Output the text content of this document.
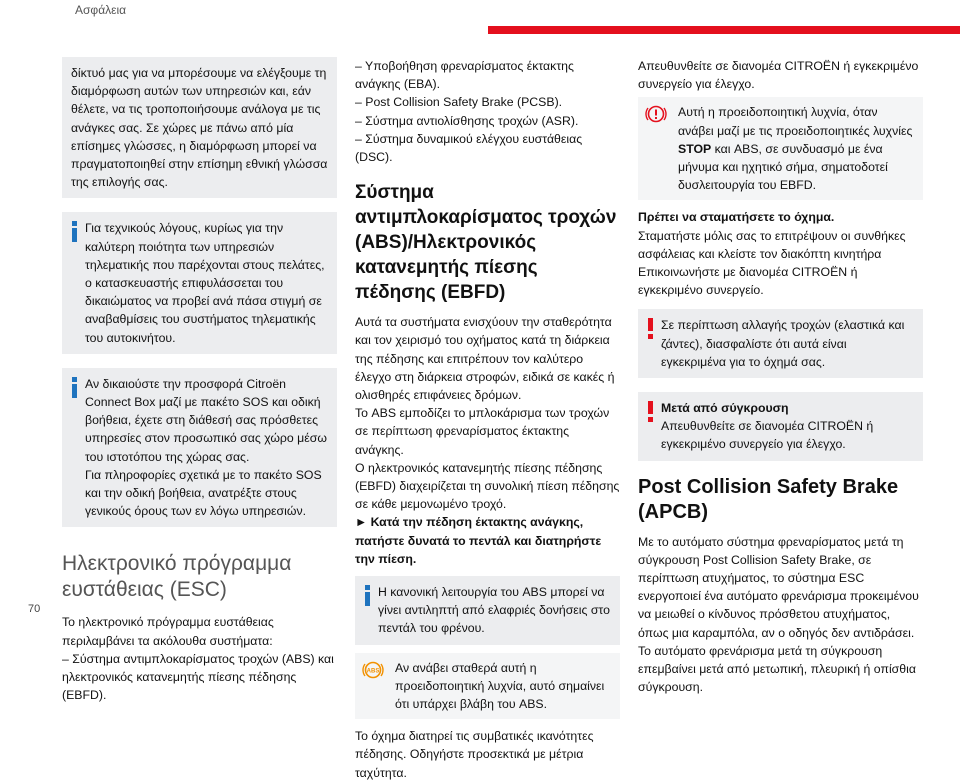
Ασφάλεια
70

δίκτυό μας για να μπορέσουμε να ελέγξουμε τη διαμόρφωση αυτών των υπηρεσιών και, εάν θέλετε, να τις τροποποιήσουμε ανάλογα με τις ανάγκες σας. Σε χώρες με πάνω από μία επίσημες γλώσσες, η διαμόρφωση μπορεί να πραγματοποιηθεί στην επίσημη εθνική γλώσσα της επιλογής σας.

Για τεχνικούς λόγους, κυρίως για την καλύτερη ποιότητα των υπηρεσιών τηλεματικής που παρέχονται στους πελάτες, ο κατασκευαστής επιφυλάσσεται του δικαιώματος να προβεί ανά πάσα στιγμή σε αναβαθμίσεις του συστήματος τηλεματικής του αυτοκινήτου.

Αν δικαιούστε την προσφορά Citroën Connect Box μαζί με πακέτο SOS και οδική βοήθεια, έχετε στη διάθεσή σας πρόσθετες υπηρεσίες στον προσωπικό σας χώρο μέσω του ιστοτόπου της χώρας σας.

Για πληροφορίες σχετικά με το πακέτο SOS και την οδική βοήθεια, ανατρέξτε στους γενικούς όρους των εν λόγω υπηρεσιών.

Ηλεκτρονικό πρόγραμμα ευστάθειας (ESC)

Το ηλεκτρονικό πρόγραμμα ευστάθειας περιλαμβάνει τα ακόλουθα συστήματα:

– Σύστημα αντιμπλοκαρίσματος τροχών (ABS) και ηλεκτρονικός κατανεμητής πίεσης πέδησης (EBFD).

– Υποβοήθηση φρεναρίσματος έκτακτης ανάγκης (EBA).

– Post Collision Safety Brake (PCSB).

– Σύστημα αντιολίσθησης τροχών (ASR).

– Σύστημα δυναμικού ελέγχου ευστάθειας (DSC).

Σύστημα αντιμπλοκαρίσματος τροχών (ABS)/Ηλεκτρονικός κατανεμητής πίεσης πέδησης (EBFD)

Αυτά τα συστήματα ενισχύουν την σταθερότητα και τον χειρισμό του οχήματος κατά τη διάρκεια της πέδησης και επιτρέπουν τον καλύτερο έλεγχο στη διάρκεια στροφών, ειδικά σε κακές ή ολισθηρές επιφάνειες δρόμων.

Το ABS εμποδίζει το μπλοκάρισμα των τροχών σε περίπτωση φρεναρίσματος έκτακτης ανάγκης.

Ο ηλεκτρονικός κατανεμητής πίεσης πέδησης (EBFD) διαχειρίζεται τη συνολική πίεση πέδησης σε κάθε μεμονωμένο τροχό.

► Κατά την πέδηση έκτακτης ανάγκης, πατήστε δυνατά το πεντάλ και διατηρήστε την πίεση.

Η κανονική λειτουργία του ABS μπορεί να γίνει αντιληπτή από ελαφριές δονήσεις στο πεντάλ του φρένου.

ABS Αν ανάβει σταθερά αυτή η προειδοποιητική λυχνία, αυτό σημαίνει ότι υπάρχει βλάβη του ABS.

Το όχημα διατηρεί τις συμβατικές ικανότητες πέδησης. Οδηγήστε προσεκτικά με μέτρια ταχύτητα.

Απευθυνθείτε σε διανομέα CITROËN ή εγκεκριμένο συνεργείο για έλεγχο.

Αυτή η προειδοποιητική λυχνία, όταν ανάβει μαζί με τις προειδοποιητικές λυχνίες STOP και ABS, σε συνδυασμό με ένα μήνυμα και ηχητικό σήμα, σηματοδοτεί δυσλειτουργία του EBFD.

Πρέπει να σταματήσετε το όχημα.

Σταματήστε μόλις σας το επιτρέψουν οι συνθήκες ασφάλειας και κλείστε τον διακόπτη κινητήρα Επικοινωνήστε με διανομέα CITROËN ή εγκεκριμένο συνεργείο.

Σε περίπτωση αλλαγής τροχών (ελαστικά και ζάντες), διασφαλίστε ότι αυτά είναι εγκεκριμένα για το όχημά σας.

Μετά από σύγκρουση

Απευθυνθείτε σε διανομέα CITROËN ή εγκεκριμένο συνεργείο για έλεγχο.

Post Collision Safety Brake (APCB)

Με το αυτόματο σύστημα φρεναρίσματος μετά τη σύγκρουση Post Collision Safety Brake, σε περίπτωση ατυχήματος, το σύστημα ESC ενεργοποιεί ένα αυτόματο φρενάρισμα προκειμένου να μειωθεί ο κίνδυνος πρόσθετου ατυχήματος, όπως μια καραμπόλα, αν ο οδηγός δεν αντιδράσει.

Το αυτόματο φρενάρισμα μετά τη σύγκρουση επεμβαίνει μετά από μετωπική, πλευρική ή οπίσθια σύγκρουση.
